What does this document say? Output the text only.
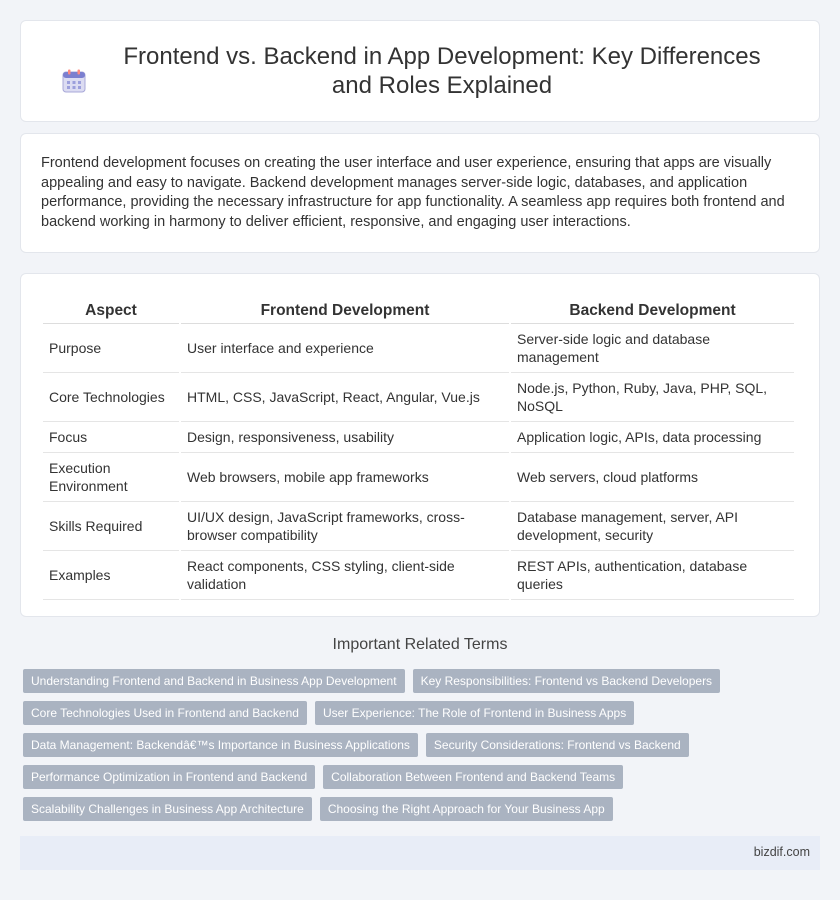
Frontend vs. Backend in App Development: Key Differences and Roles Explained

Frontend development focuses on creating the user interface and user experience, ensuring that apps are visually appealing and easy to navigate. Backend development manages server-side logic, databases, and application performance, providing the necessary infrastructure for app functionality. A seamless app requires both frontend and backend working in harmony to deliver efficient, responsive, and engaging user interactions.

Aspect	Frontend Development	Backend Development
Purpose	User interface and experience	Server-side logic and database management
Core Technologies	HTML, CSS, JavaScript, React, Angular, Vue.js	Node.js, Python, Ruby, Java, PHP, SQL, NoSQL
Focus	Design, responsiveness, usability	Application logic, APIs, data processing
Execution Environment	Web browsers, mobile app frameworks	Web servers, cloud platforms
Skills Required	UI/UX design, JavaScript frameworks, cross-browser compatibility	Database management, server, API development, security
Examples	React components, CSS styling, client-side validation	REST APIs, authentication, database queries
Important Related Terms
Understanding Frontend and Backend in Business App Development	Key Responsibilities: Frontend vs Backend Developers
Core Technologies Used in Frontend and Backend	User Experience: The Role of Frontend in Business Apps
Data Management: Backendâ€™s Importance in Business Applications	Security Considerations: Frontend vs Backend
Performance Optimization in Frontend and Backend	Collaboration Between Frontend and Backend Teams
Scalability Challenges in Business App Architecture	Choosing the Right Approach for Your Business App
bizdif.com
